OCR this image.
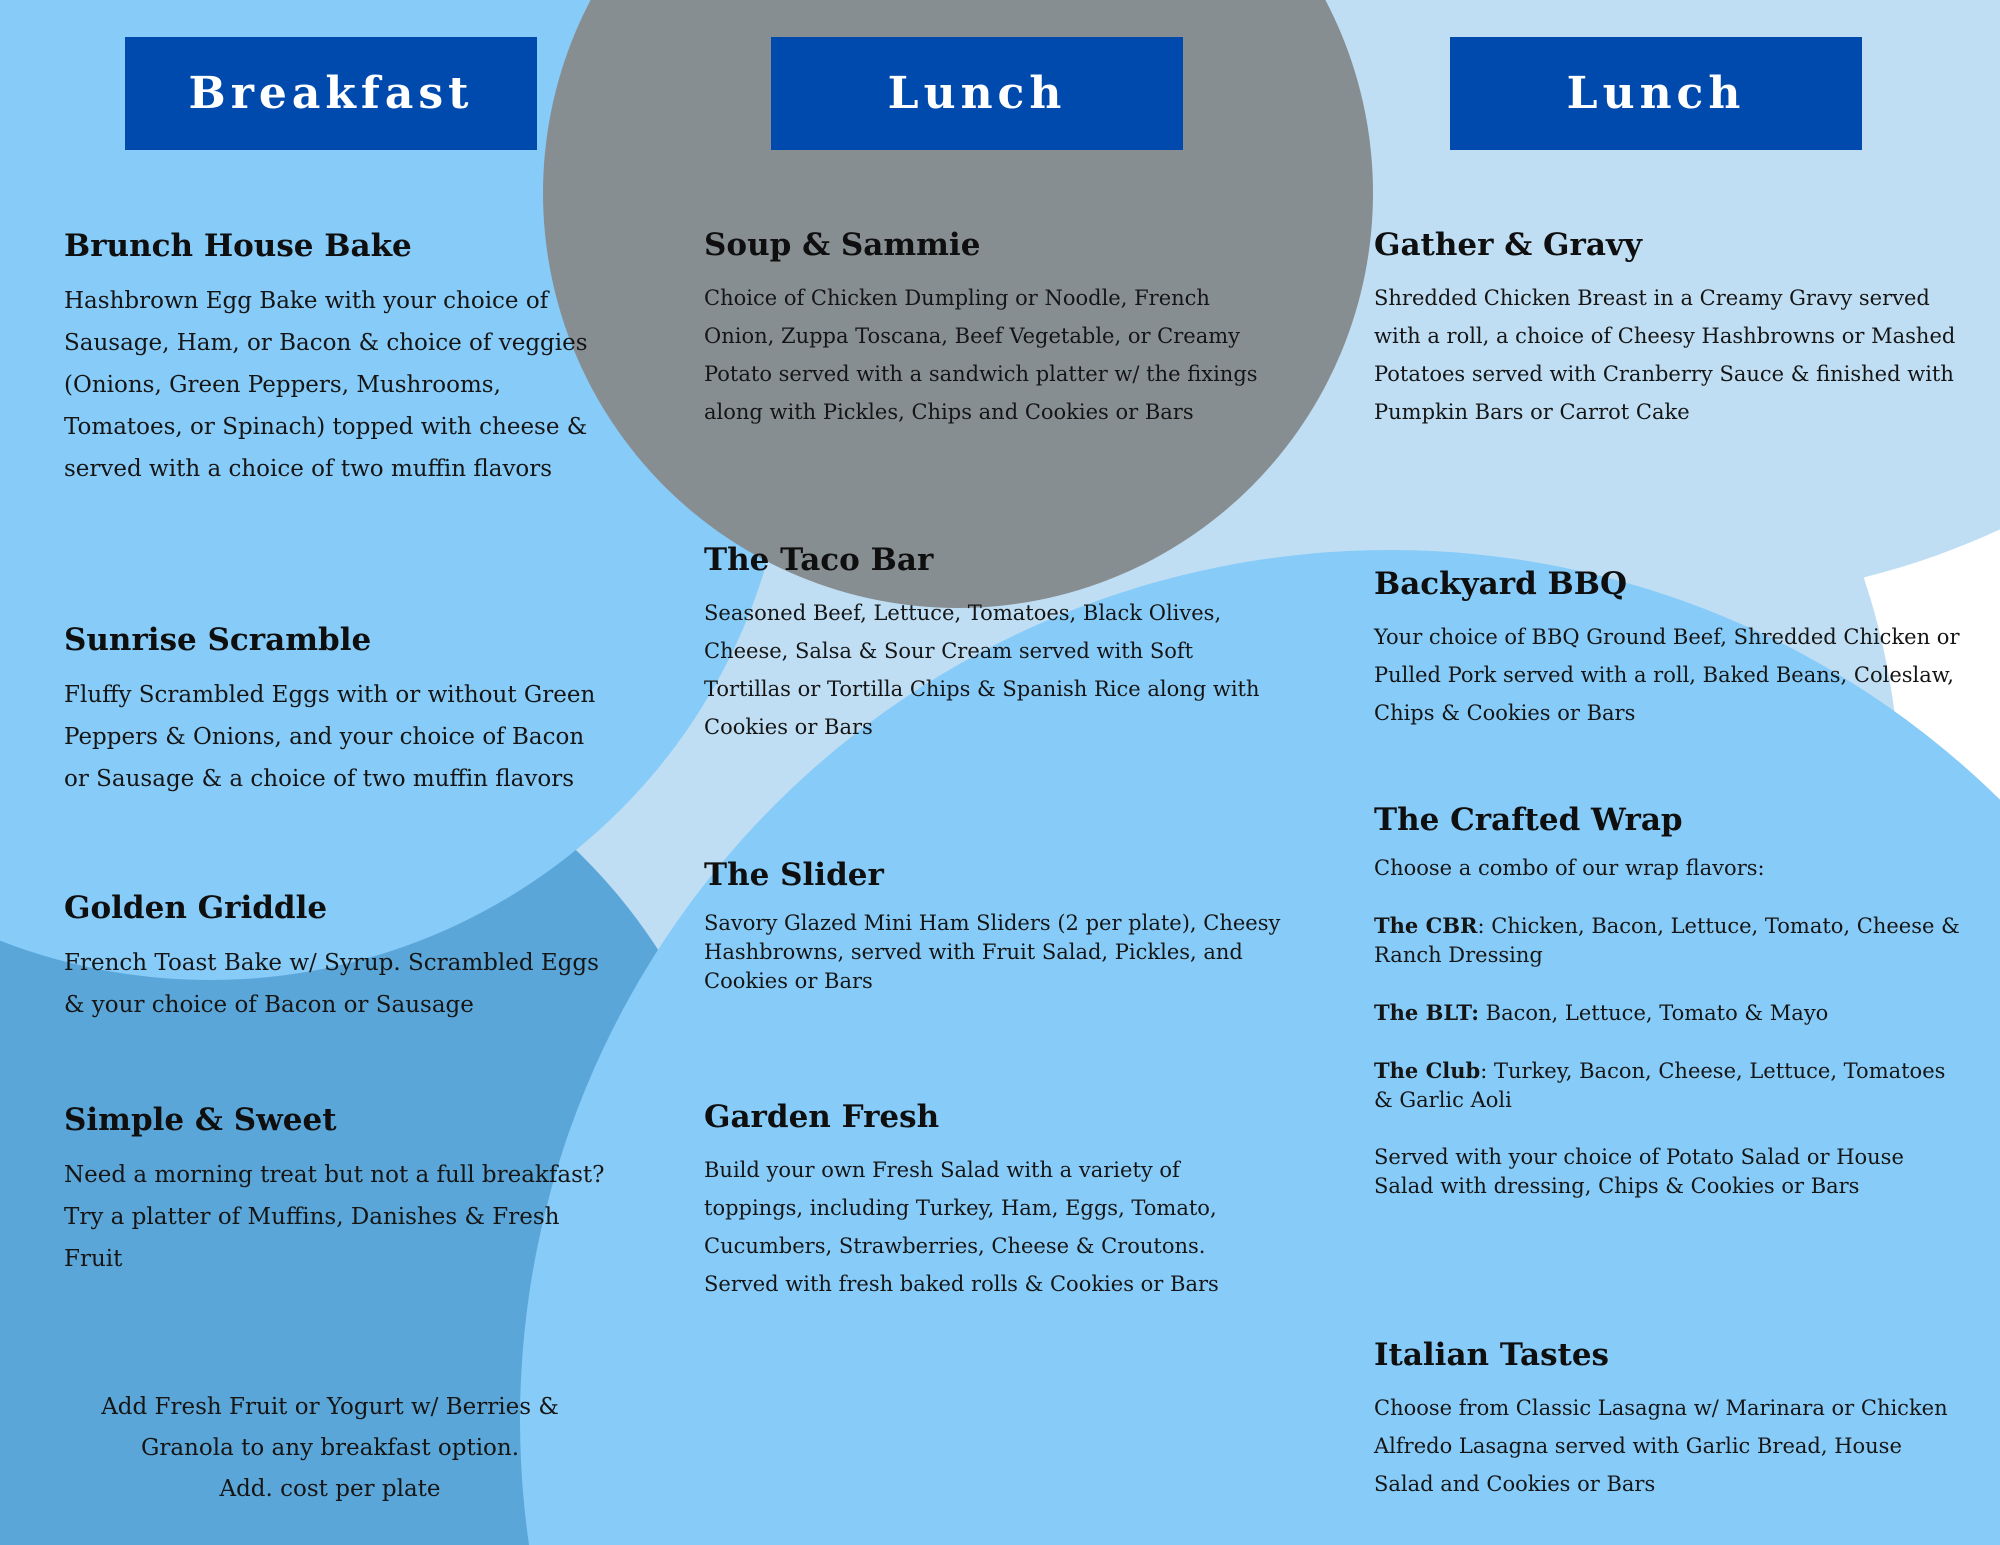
Breakfast	Lunch	Lunch
Brunch House Bake

Hashbrown Egg Bake with your choice of Sausage, Ham, or Bacon & choice of veggies (Onions, Green Peppers, Mushrooms, Tomatoes, or Spinach) topped with cheese & served with a choice of two muffin flavors

Sunrise Scramble

Fluffy Scrambled Eggs with or without Green Peppers & Onions, and your choice of Bacon or Sausage & a choice of two muffin flavors

Golden Griddle

French Toast Bake w/ Syrup. Scrambled Eggs & your choice of Bacon or Sausage

Simple & Sweet

Need a morning treat but not a full breakfast? Try a platter of Muffins, Danishes & Fresh Fruit

Add Fresh Fruit or Yogurt w/ Berries &
Granola to any breakfast option.
Add. cost per plate
Soup & Sammie

Choice of Chicken Dumpling or Noodle, French Onion, Zuppa Toscana, Beef Vegetable, or Creamy Potato served with a sandwich platter w/ the fixings along with Pickles, Chips and Cookies or Bars

The Taco Bar

Seasoned Beef, Lettuce, Tomatoes, Black Olives, Cheese, Salsa & Sour Cream served with Soft Tortillas or Tortilla Chips & Spanish Rice along with Cookies or Bars

The Slider

Savory Glazed Mini Ham Sliders (2 per plate), Cheesy Hashbrowns, served with Fruit Salad, Pickles, and Cookies or Bars

Garden Fresh

Build your own Fresh Salad with a variety of toppings, including Turkey, Ham, Eggs, Tomato, Cucumbers, Strawberries, Cheese & Croutons. Served with fresh baked rolls & Cookies or Bars

Gather & Gravy

Shredded Chicken Breast in a Creamy Gravy served with a roll, a choice of Cheesy Hashbrowns or Mashed Potatoes served with Cranberry Sauce & finished with Pumpkin Bars or Carrot Cake

Backyard BBQ

Your choice of BBQ Ground Beef, Shredded Chicken or Pulled Pork served with a roll, Baked Beans, Coleslaw, Chips & Cookies or Bars

The Crafted Wrap

Choose a combo of our wrap flavors:

The CBR: Chicken, Bacon, Lettuce, Tomato, Cheese & Ranch Dressing

The BLT: Bacon, Lettuce, Tomato & Mayo

The Club: Turkey, Bacon, Cheese, Lettuce, Tomatoes & Garlic Aoli

Served with your choice of Potato Salad or House Salad with dressing, Chips & Cookies or Bars

Italian Tastes

Choose from Classic Lasagna w/ Marinara or Chicken Alfredo Lasagna served with Garlic Bread, House Salad and Cookies or Bars
